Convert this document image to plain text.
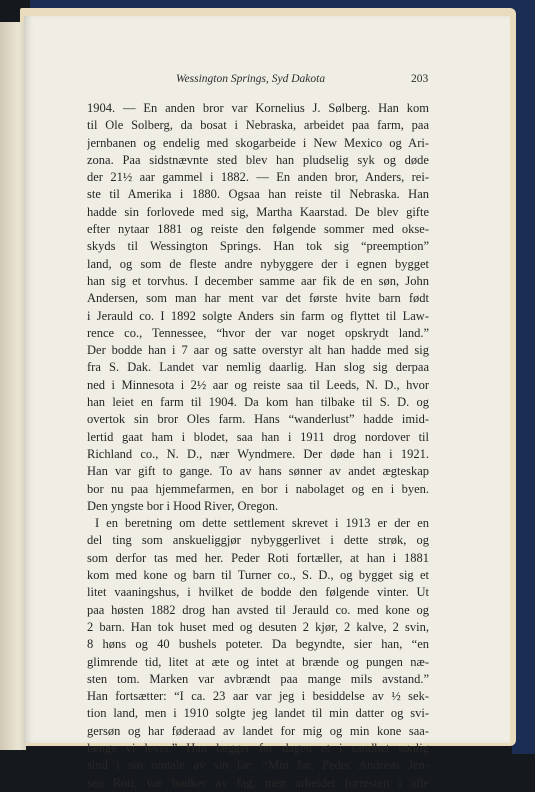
Wessington Springs, Syd Dakota	203
1904. — En anden bror var Kornelius J. Sølberg. Han kom
til Ole Solberg, da bosat i Nebraska, arbeidet paa farm, paa
jernbanen og endelig med skogarbeide i New Mexico og Ari-
zona. Paa sidstnævnte sted blev han pludselig syk og døde
der 21½ aar gammel i 1882. — En anden bror, Anders, rei-
ste til Amerika i 1880. Ogsaa han reiste til Nebraska. Han
hadde sin forlovede med sig, Martha Kaarstad. De blev gifte
efter nytaar 1881 og reiste den følgende sommer med okse-
skyds til Wessington Springs. Han tok sig “preemption”
land, og som de fleste andre nybyggere der i egnen bygget
han sig et torvhus. I december samme aar fik de en søn, John
Andersen, som man har ment var det første hvite barn født
i Jerauld co. I 1892 solgte Anders sin farm og flyttet til Law-
rence co., Tennessee, “hvor der var noget opskrydt land.”
Der bodde han i 7 aar og satte overstyr alt han hadde med sig
fra S. Dak. Landet var nemlig daarlig. Han slog sig derpaa
ned i Minnesota i 2½ aar og reiste saa til Leeds, N. D., hvor
han leiet en farm til 1904. Da kom han tilbake til S. D. og
overtok sin bror Oles farm. Hans “wanderlust” hadde imid-
lertid gaat ham i blodet, saa han i 1911 drog nordover til
Richland co., N. D., nær Wyndmere. Der døde han i 1921.
Han var gift to gange. To av hans sønner av andet ægteskap
bor nu paa hjemmefarmen, en bor i nabolaget og en i byen.
Den yngste bor i Hood River, Oregon.
I en beretning om dette settlement skrevet i 1913 er der en
del ting som anskueliggjør nybyggerlivet i dette strøk, og
som derfor tas med her. Peder Roti fortæller, at han i 1881
kom med kone og barn til Turner co., S. D., og bygget sig et
litet vaaningshus, i hvilket de bodde den følgende vinter. Ut
paa høsten 1882 drog han avsted til Jerauld co. med kone og
2 barn. Han tok huset med og desuten 2 kjør, 2 kalve, 2 svin,
8 høns og 40 bushels poteter. Da begyndte, sier han, “en
glimrende tid, litet at æte og intet at brænde og pungen næ-
sten tom. Marken var avbrændt paa mange mils avstand.”
Han fortsætter: “I ca. 23 aar var jeg i besiddelse av ½ sek-
tion land, men i 1910 solgte jeg landet til min datter og svi-
gersøn og har føderaad av landet for mig og min kone saa-
længe vi lever.” Han lægger for dagen et i sandhet sønlig
sind i sin omtale av sin far: “Min far, Peder Andreas Jen-
sen Roti, var bødker av fag, men arbeidet forresten i alle
